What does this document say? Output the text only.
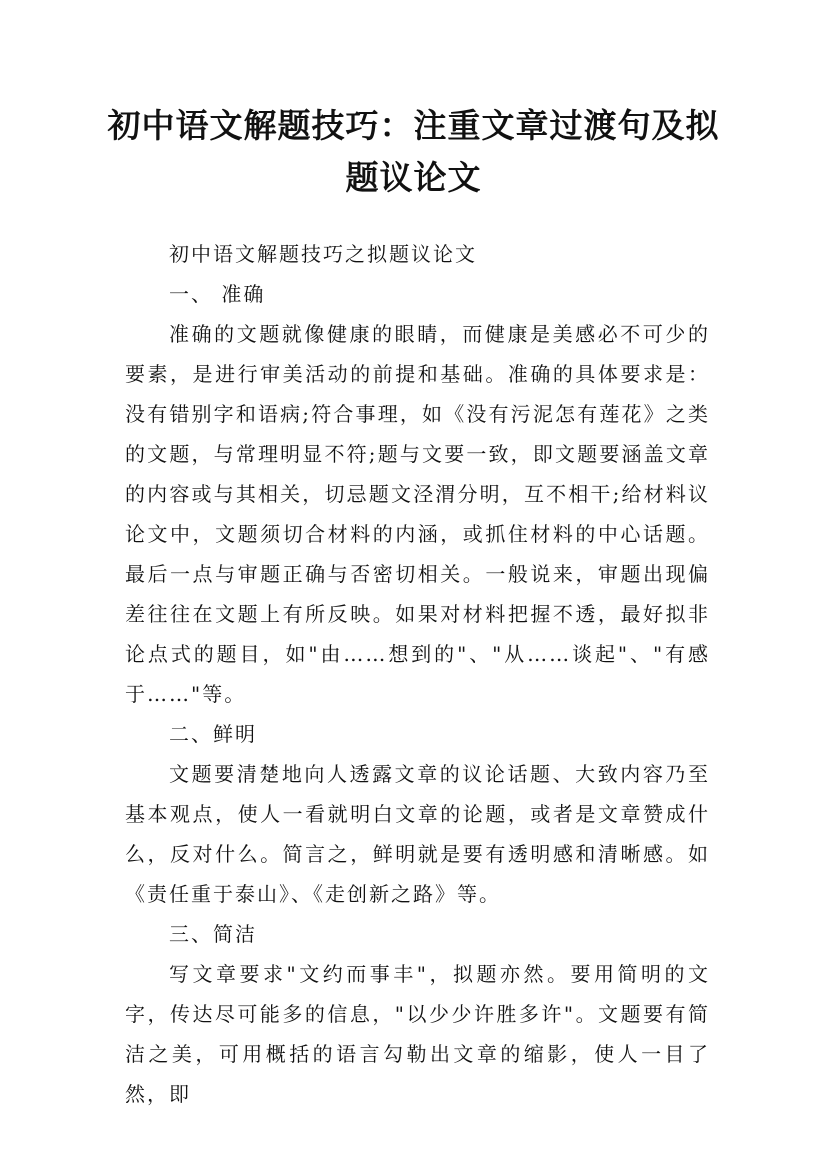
初中语文解题技巧：注重文章过渡句及拟题议论文

初中语文解题技巧之拟题议论文

一、 准确

准确的文题就像健康的眼睛，而健康是美感必不可少的要素，是进行审美活动的前提和基础。准确的具体要求是：没有错别字和语病;符合事理，如《没有污泥怎有莲花》之类的文题，与常理明显不符;题与文要一致，即文题要涵盖文章的内容或与其相关，切忌题文泾渭分明，互不相干;给材料议论文中，文题须切合材料的内涵，或抓住材料的中心话题。最后一点与审题正确与否密切相关。一般说来，审题出现偏差往往在文题上有所反映。如果对材料把握不透，最好拟非论点式的题目，如"由……想到的"、"从……谈起"、"有感于……"等。

二、鲜明

文题要清楚地向人透露文章的议论话题、大致内容乃至基本观点，使人一看就明白文章的论题，或者是文章赞成什么，反对什么。简言之，鲜明就是要有透明感和清晰感。如《责任重于泰山》、《走创新之路》等。

三、简洁

写文章要求"文约而事丰"，拟题亦然。要用简明的文字，传达尽可能多的信息，"以少少许胜多许"。文题要有简洁之美，可用概括的语言勾勒出文章的缩影，使人一目了然，即
